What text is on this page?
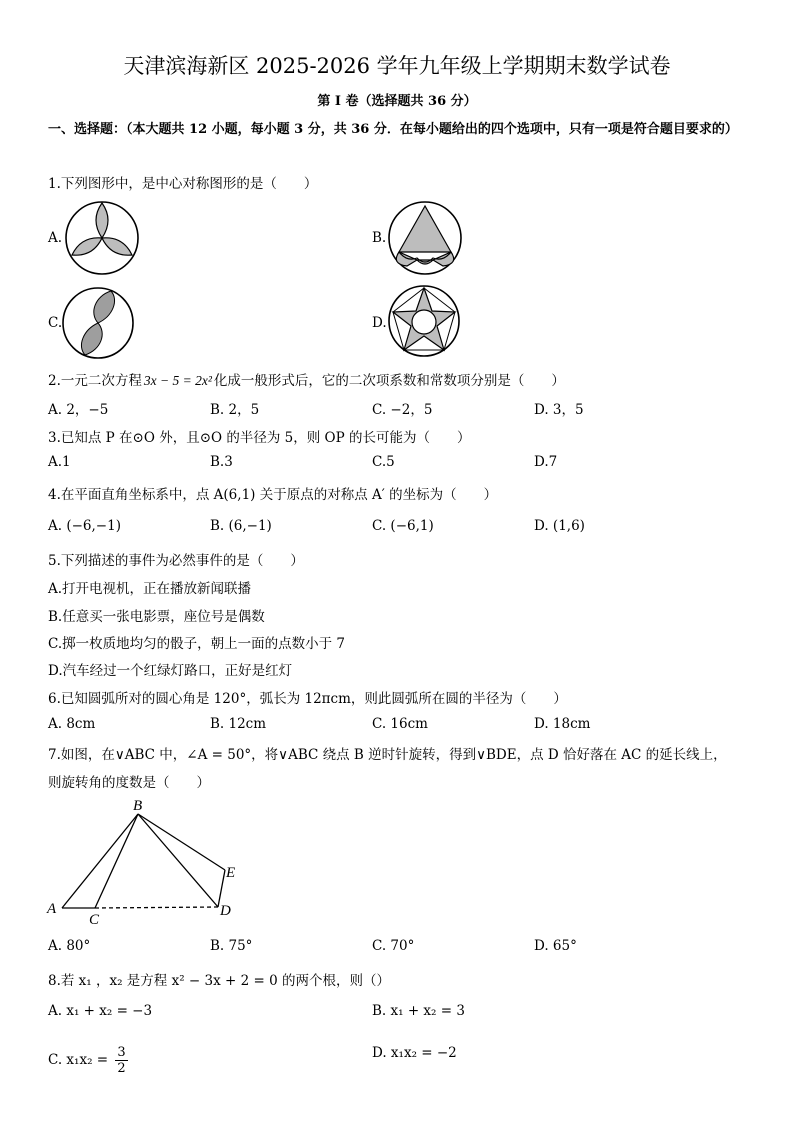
天津滨海新区 2025-2026 学年九年级上学期期末数学试卷
第 I 卷（选择题共 36 分）
一、选择题：（本大题共 12 小题，每小题 3 分，共 36 分．在每小题给出的四个选项中，只有一项是符合题目要求的）
1.下列图形中，是中心对称图形的是（　　）
A.	B.
C.	D.
2.一元二次方程 3x − 5 = 2x² 化成一般形式后，它的二次项系数和常数项分别是（　　）
A. 2，−5	B. 2，5	C. −2，5	D. 3，5
3.已知点 P 在⊙O 外，且⊙O 的半径为 5，则 OP 的长可能为（　　）
A.1	B.3	C.5	D.7
4.在平面直角坐标系中，点 A(6,1) 关于原点的对称点 A′ 的坐标为（　　）
A. (−6,−1)	B. (6,−1)	C. (−6,1)	D. (1,6)
5.下列描述的事件为必然事件的是（　　）
A.打开电视机，正在播放新闻联播
B.任意买一张电影票，座位号是偶数
C.掷一枚质地均匀的骰子，朝上一面的点数小于 7
D.汽车经过一个红绿灯路口，正好是红灯
6.已知圆弧所对的圆心角是 120°，弧长为 12πcm，则此圆弧所在圆的半径为（　　）
A. 8cm	B. 12cm	C. 16cm	D. 18cm
7.如图，在∨ABC 中，∠A = 50°，将∨ABC 绕点 B 逆时针旋转，得到∨BDE，点 D 恰好落在 AC 的延长线上，
则旋转角的度数是（　　）
A
B
C
D
E
A. 80°	B. 75°	C. 70°	D. 65°
8.若 x₁ ，x₂ 是方程 x² − 3x + 2 = 0 的两个根，则（）
A. x₁ + x₂ = −3	B. x₁ + x₂ = 3
C. $x_1x_2 = \frac{3}{2}$	D. x₁x₂ = −2
